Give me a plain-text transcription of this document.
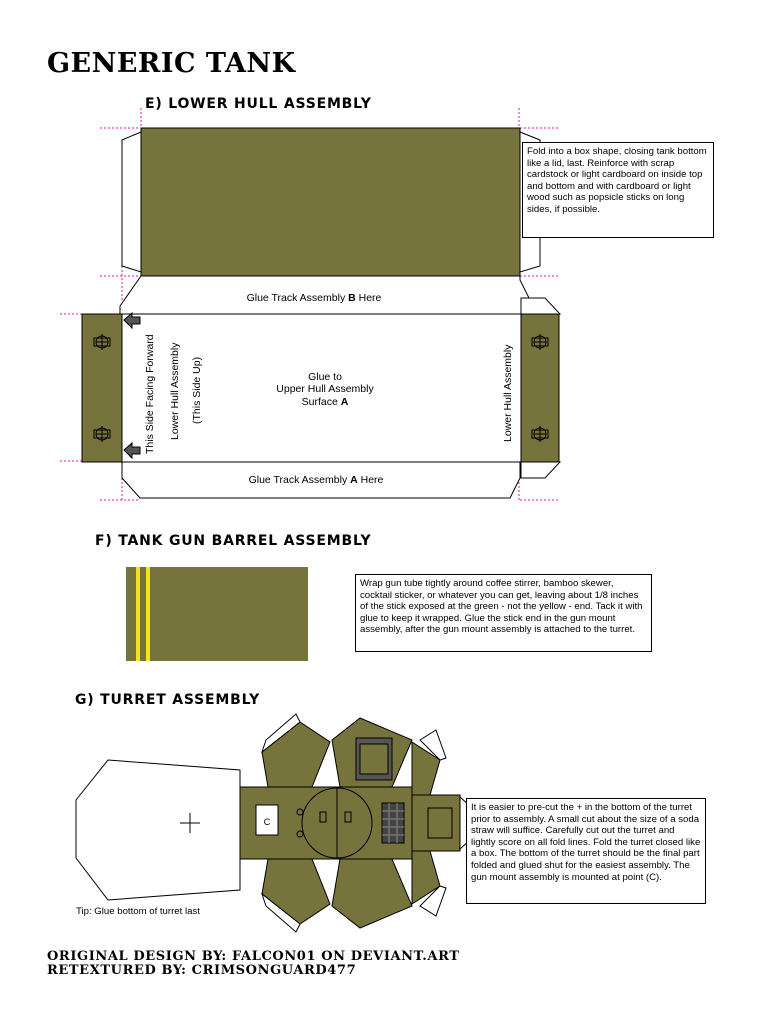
GENERIC TANK
E) LOWER HULL ASSEMBLY
Glue Track Assembly B Here
Glue Track Assembly A Here
This Side Facing Forward Lower Hull Assembly (This Side Up)	Lower Hull Assembly
Glue to
Upper Hull Assembly
Surface A
Fold into a box shape, closing tank bottom like a lid, last. Reinforce with scrap cardstock or light cardboard on inside top and bottom and with cardboard or light wood such as popsicle sticks on long sides, if possible.
F) TANK GUN BARREL ASSEMBLY
Wrap gun tube tightly around coffee stirrer, bamboo skewer, cocktail sticker, or whatever you can get, leaving about 1/8 inches of the stick exposed at the green - not the yellow - end. Tack it with glue to keep it wrapped. Glue the stick end in the gun mount assembly, after the gun mount assembly is attached to the turret.
G) TURRET ASSEMBLY
C
Tip: Glue bottom of turret last
It is easier to pre-cut the + in the bottom of the turret prior to assembly. A small cut about the size of a soda straw will suffice. Carefully cut out the turret and lightly score on all fold lines. Fold the turret closed like a box. The bottom of the turret should be the final part folded and glued shut for the easiest assembly. The gun mount assembly is mounted at point (C).
ORIGINAL DESIGN BY: FALCON01 ON DEVIANT.ART
RETEXTURED BY: CRIMSONGUARD477
